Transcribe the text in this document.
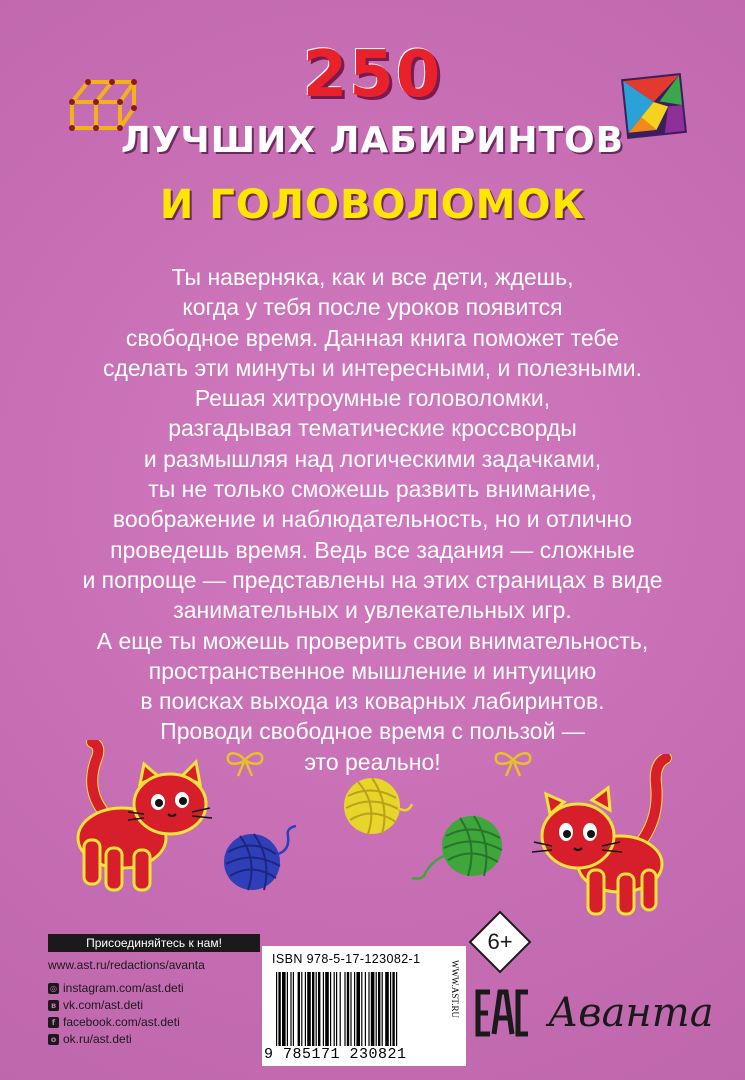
250
ЛУЧШИХ ЛАБИРИНТОВ
И ГОЛОВОЛОМОК
Ты наверняка, как и все дети, ждешь,
когда у тебя после уроков появится
свободное время. Данная книга поможет тебе
сделать эти минуты и интересными, и полезными.
Решая хитроумные головоломки,
разгадывая тематические кроссворды
и размышляя над логическими задачками,
ты не только сможешь развить внимание,
воображение и наблюдательность, но и отлично
проведешь время. Ведь все задания — сложные
и попроще — представлены на этих страницах в виде
занимательных и увлекательных игр.
А еще ты можешь проверить свои внимательность,
пространственное мышление и интуицию
в поисках выхода из коварных лабиринтов.
Проводи свободное время с пользой —
это реально!
Присоединяйтесь к нам!
www.ast.ru/redactions/avanta
◎ instagram.com/ast.deti
в vk.com/ast.deti
f facebook.com/ast.deti
o ok.ru/ast.deti
6+
ISBN 978-5-17-123082-1
9 785171 230821
WWW.AST.RU Аванта
